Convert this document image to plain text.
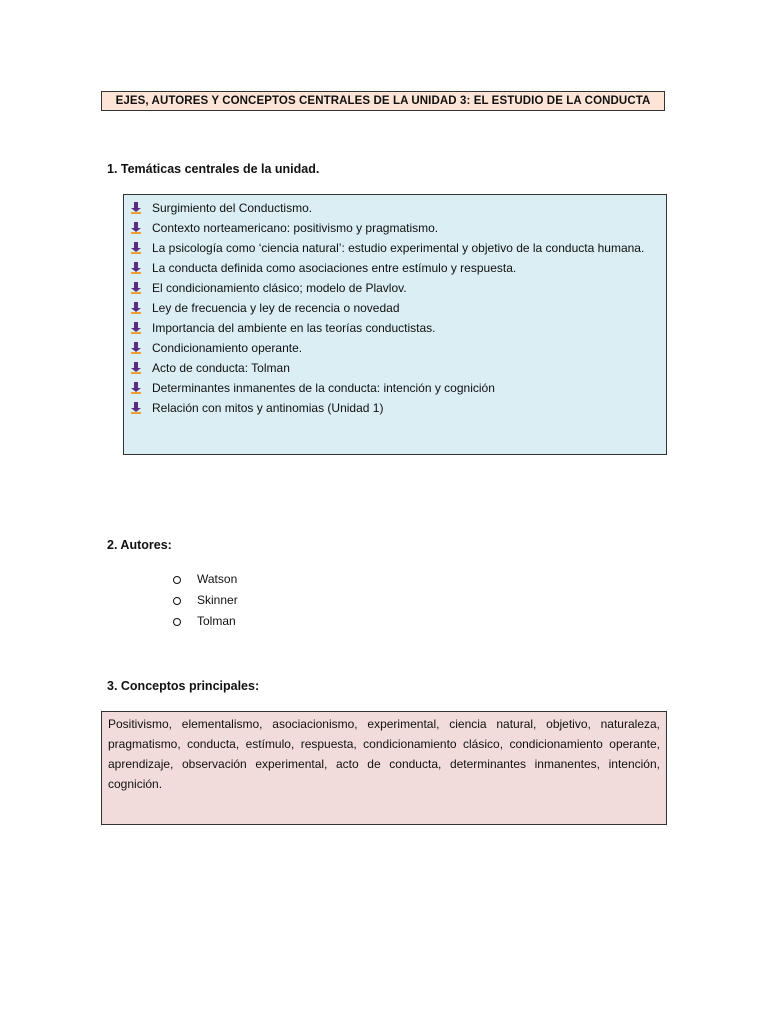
EJES, AUTORES Y CONCEPTOS CENTRALES DE LA UNIDAD 3: EL ESTUDIO DE LA CONDUCTA
1. Temáticas centrales de la unidad.
Surgimiento del Conductismo.
Contexto norteamericano: positivismo y pragmatismo.
La psicología como ‘ciencia natural’: estudio experimental y objetivo de la conducta humana.
La conducta definida como asociaciones entre estímulo y respuesta.
El condicionamiento clásico; modelo de Plavlov.
Ley de frecuencia y ley de recencia o novedad
Importancia del ambiente en las teorías conductistas.
Condicionamiento operante.
Acto de conducta: Tolman
Determinantes inmanentes de la conducta: intención y cognición
Relación con mitos y antinomias (Unidad 1)
2. Autores:
Watson
Skinner
Tolman
3. Conceptos principales:

Positivismo, elementalismo, asociacionismo, experimental, ciencia natural, objetivo, naturaleza, pragmatismo, conducta, estímulo, respuesta, condicionamiento clásico, condicionamiento operante, aprendizaje, observación experimental, acto de conducta, determinantes inmanentes, intención, cognición.
